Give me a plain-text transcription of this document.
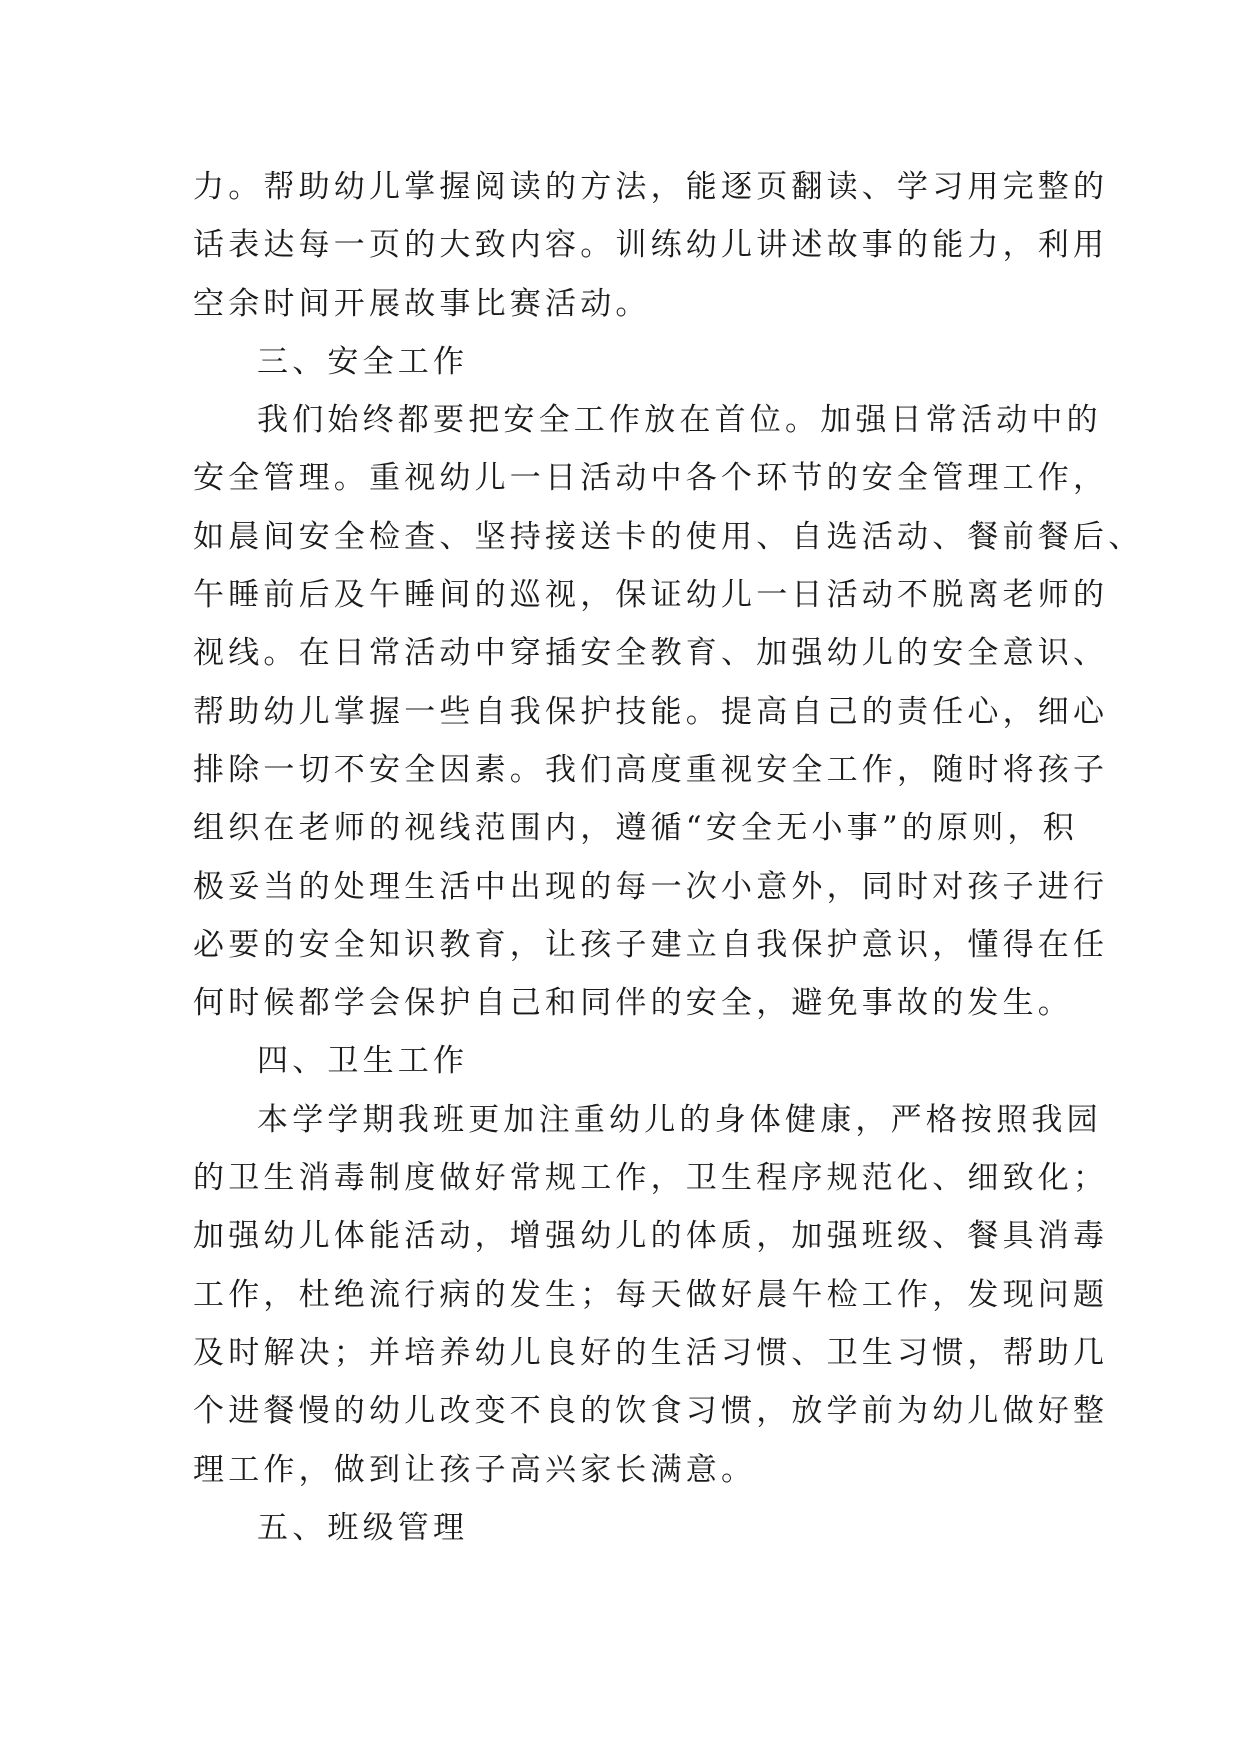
力。帮助幼儿掌握阅读的方法，能逐页翻读、学习用完整的
话表达每一页的大致内容。训练幼儿讲述故事的能力，利用
空余时间开展故事比赛活动。
三、安全工作
我们始终都要把安全工作放在首位。加强日常活动中的
安全管理。重视幼儿一日活动中各个环节的安全管理工作，
如晨间安全检查、坚持接送卡的使用、自选活动、餐前餐后、
午睡前后及午睡间的巡视，保证幼儿一日活动不脱离老师的
视线。在日常活动中穿插安全教育、加强幼儿的安全意识、
帮助幼儿掌握一些自我保护技能。提高自己的责任心，细心
排除一切不安全因素。我们高度重视安全工作，随时将孩子
组织在老师的视线范围内，遵循“安全无小事”的原则，积
极妥当的处理生活中出现的每一次小意外，同时对孩子进行
必要的安全知识教育，让孩子建立自我保护意识，懂得在任
何时候都学会保护自己和同伴的安全，避免事故的发生。
四、卫生工作
本学学期我班更加注重幼儿的身体健康，严格按照我园
的卫生消毒制度做好常规工作，卫生程序规范化、细致化；
加强幼儿体能活动，增强幼儿的体质，加强班级、餐具消毒
工作，杜绝流行病的发生；每天做好晨午检工作，发现问题
及时解决；并培养幼儿良好的生活习惯、卫生习惯，帮助几
个进餐慢的幼儿改变不良的饮食习惯，放学前为幼儿做好整
理工作，做到让孩子高兴家长满意。
五、班级管理
